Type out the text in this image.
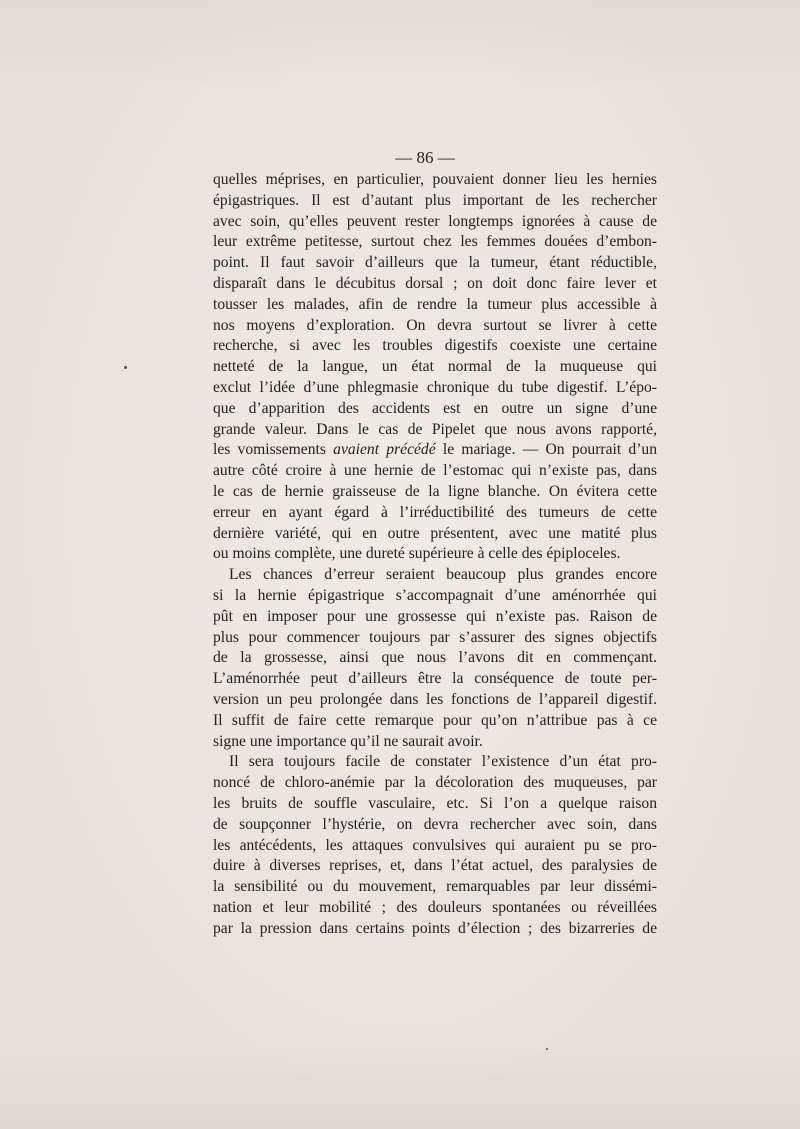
— 86 —
quelles méprises, en particulier, pouvaient donner lieu les hernies
épigastriques. Il est d’autant plus important de les rechercher
avec soin, qu’elles peuvent rester longtemps ignorées à cause de
leur extrême petitesse, surtout chez les femmes douées d’embon-
point. Il faut savoir d’ailleurs que la tumeur, étant réductible,
disparaît dans le décubitus dorsal ; on doit donc faire lever et
tousser les malades, afin de rendre la tumeur plus accessible à
nos moyens d’exploration. On devra surtout se livrer à cette
recherche, si avec les troubles digestifs coexiste une certaine
netteté de la langue, un état normal de la muqueuse qui
exclut l’idée d’une phlegmasie chronique du tube digestif. L’épo-
que d’apparition des accidents est en outre un signe d’une
grande valeur. Dans le cas de Pipelet que nous avons rapporté,
les vomissements avaient précédé le mariage. — On pourrait d’un
autre côté croire à une hernie de l’estomac qui n’existe pas, dans
le cas de hernie graisseuse de la ligne blanche. On évitera cette
erreur en ayant égard à l’irréductibilité des tumeurs de cette
dernière variété, qui en outre présentent, avec une matité plus
ou moins complète, une dureté supérieure à celle des épiploceles.
Les chances d’erreur seraient beaucoup plus grandes encore
si la hernie épigastrique s’accompagnait d’une aménorrhée qui
pût en imposer pour une grossesse qui n’existe pas. Raison de
plus pour commencer toujours par s’assurer des signes objectifs
de la grossesse, ainsi que nous l’avons dit en commençant.
L’aménorrhée peut d’ailleurs être la conséquence de toute per-
version un peu prolongée dans les fonctions de l’appareil digestif.
Il suffit de faire cette remarque pour qu’on n’attribue pas à ce
signe une importance qu’il ne saurait avoir.
Il sera toujours facile de constater l’existence d’un état pro-
noncé de chloro-anémie par la décoloration des muqueuses, par
les bruits de souffle vasculaire, etc. Si l’on a quelque raison
de soupçonner l’hystérie, on devra rechercher avec soin, dans
les antécédents, les attaques convulsives qui auraient pu se pro-
duire à diverses reprises, et, dans l’état actuel, des paralysies de
la sensibilité ou du mouvement, remarquables par leur dissémi-
nation et leur mobilité ; des douleurs spontanées ou réveillées
par la pression dans certains points d’élection ; des bizarreries de
